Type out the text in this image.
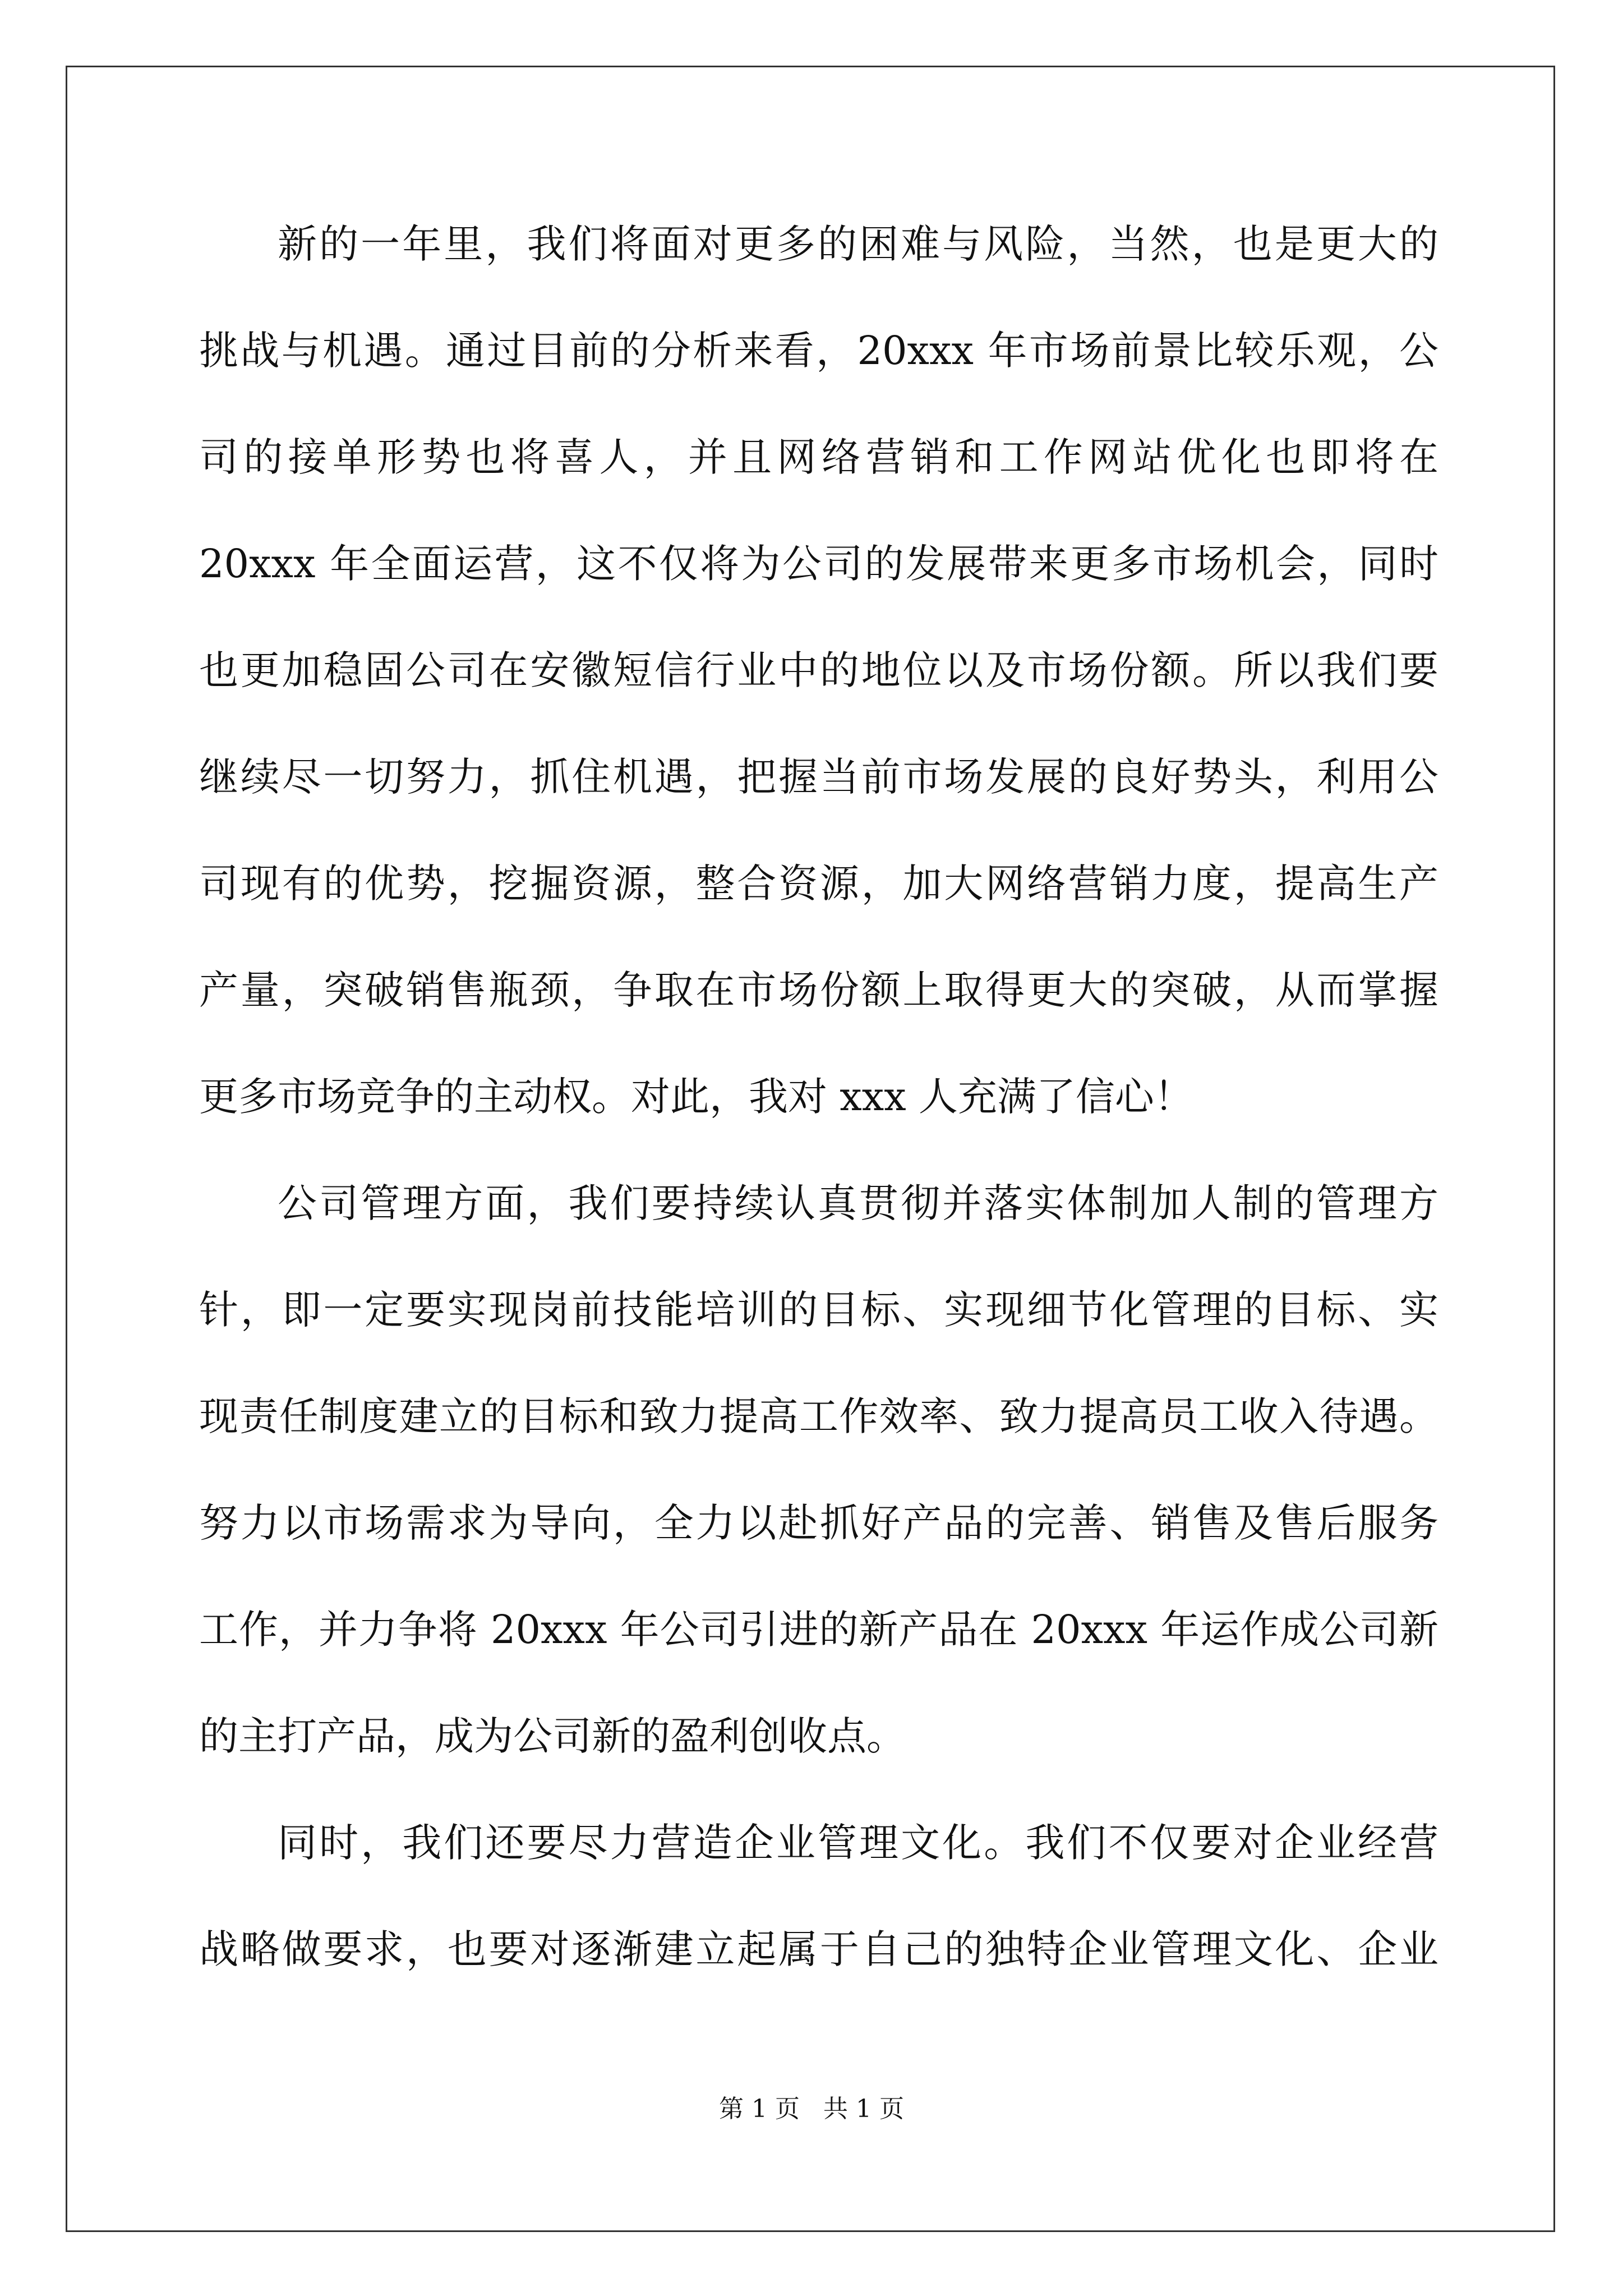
新的一年里，我们将面对更多的困难与风险，当然，也是更大的
挑战与机遇。通过目前的分析来看，20xxx 年市场前景比较乐观，公
司的接单形势也将喜人，并且网络营销和工作网站优化也即将在
20xxx 年全面运营，这不仅将为公司的发展带来更多市场机会，同时
也更加稳固公司在安徽短信行业中的地位以及市场份额。所以我们要
继续尽一切努力，抓住机遇，把握当前市场发展的良好势头，利用公
司现有的优势，挖掘资源，整合资源，加大网络营销力度，提高生产
产量，突破销售瓶颈，争取在市场份额上取得更大的突破，从而掌握
更多市场竞争的主动权。对此，我对 xxx 人充满了信心！
公司管理方面，我们要持续认真贯彻并落实体制加人制的管理方
针，即一定要实现岗前技能培训的目标、实现细节化管理的目标、实
现责任制度建立的目标和致力提高工作效率、致力提高员工收入待遇。
努力以市场需求为导向，全力以赴抓好产品的完善、销售及售后服务
工作，并力争将 20xxx 年公司引进的新产品在 20xxx 年运作成公司新
的主打产品，成为公司新的盈利创收点。
同时，我们还要尽力营造企业管理文化。我们不仅要对企业经营
战略做要求，也要对逐渐建立起属于自己的独特企业管理文化、企业
第 1 页 共 1 页
